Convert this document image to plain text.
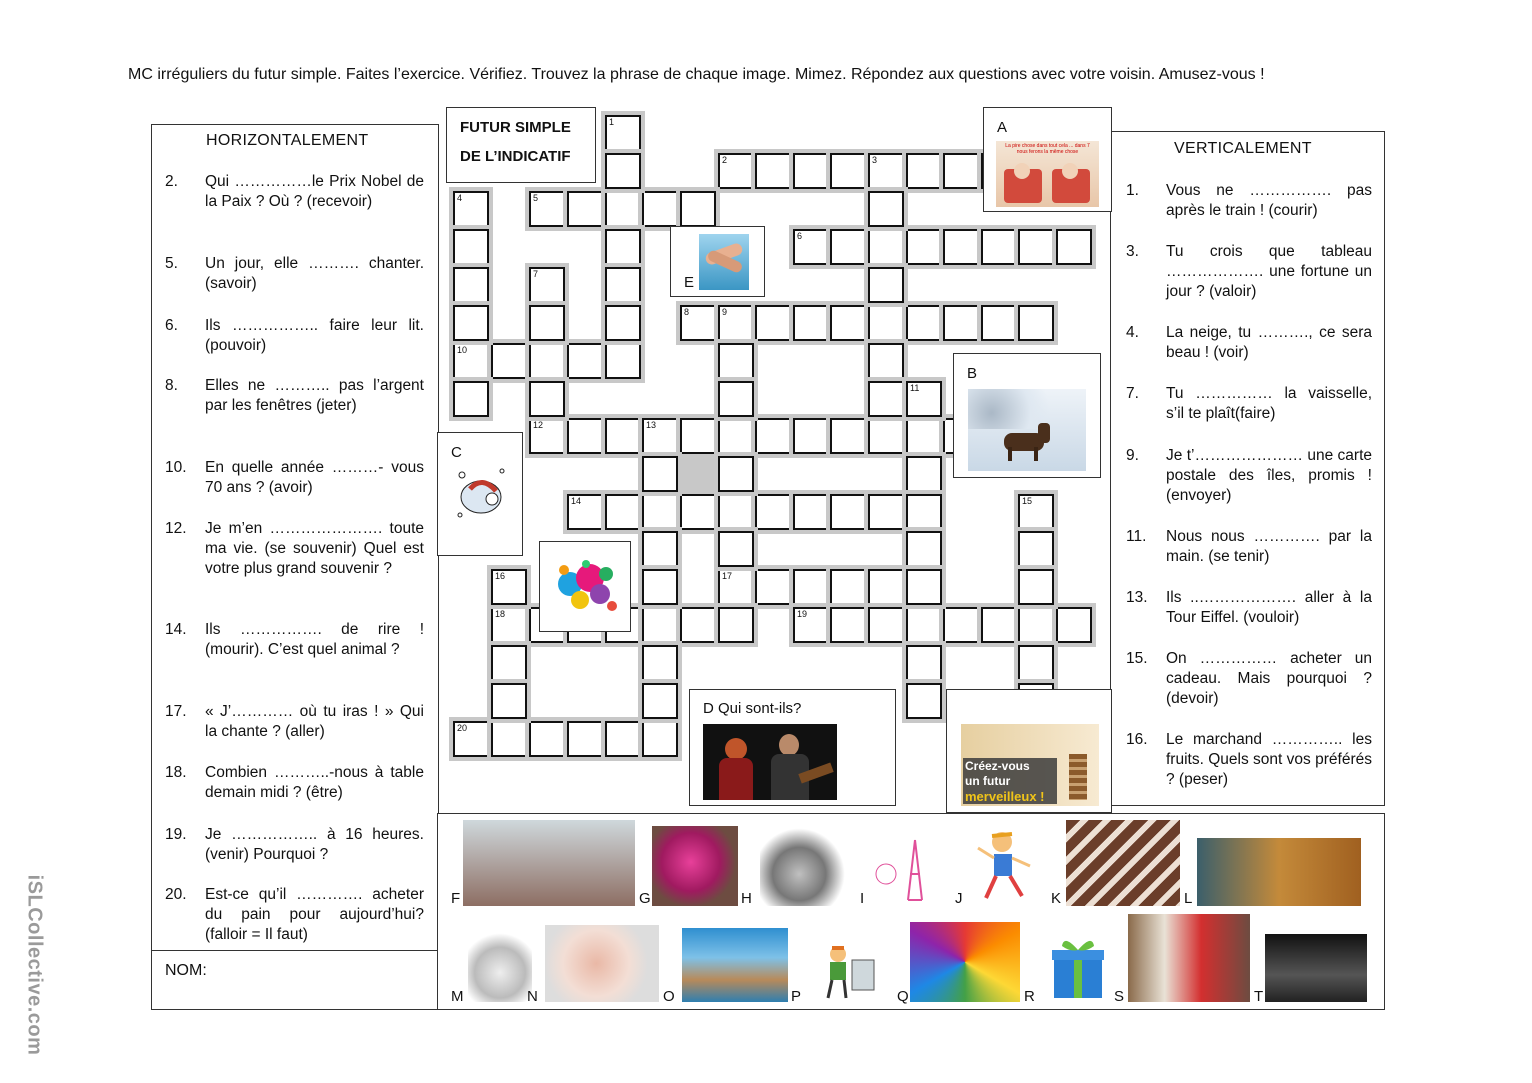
MC irréguliers du futur simple. Faites l’exercice. Vérifiez. Trouvez la phrase de chaque image. Mimez. Répondez aux questions avec votre voisin. Amusez-vous !
iSLCollective.com
HORIZONTALEMENT
2. Qui ……………le Prix Nobel de la Paix ? Où ? (recevoir)
5. Un jour, elle ………. chanter. (savoir)
6. Ils …………….. faire leur lit. (pouvoir)
8. Elles ne ……….. pas l’argent par les fenêtres (jeter)
10. En quelle année ………- vous 70 ans ? (avoir)
12. Je m’en …………………. toute ma vie. (se souvenir) Quel est votre plus grand souvenir ?
14. Ils ……………. de rire ! (mourir). C’est quel animal ?
17. « J’………… où tu iras ! » Qui la chante ? (aller)
18. Combien ………..-nous à table demain midi ? (être)
19. Je …………….. à 16 heures. (venir) Pourquoi ?
20. Est-ce qu’il …………. acheter du pain pour aujourd’hui? (falloir = Il faut)
NOM:
VERTICALEMENT
1. Vous ne ……………. pas après le train ! (courir)
3. Tu crois que tableau ………………. une fortune un jour ? (valoir)
4. La neige, tu ………., ce sera beau ! (voir)
7. Tu …………… la vaisselle, s’il te plaît(faire)
9. Je t’………………… une carte postale des îles, promis ! (envoyer)
11. Nous nous …………. par la main. (se tenir)
13. Ils ..………………. aller à la Tour Eiffel. (vouloir)
15. On …………… acheter un cadeau. Mais pourquoi ? (devoir)
16. Le marchand ………….. les fruits. Quels sont vos préférés ? (peser)
2	3
5
6
8	9
10
12	13
14
17
18	19
20
1
4
7
11
15
16
FUTUR SIMPLE
DE L’INDICATIF
A
La pire chose dans tout cela ... dans 7 nous ferons la même chose
E
B
C
D Qui sont-ils?
Créez-vous
un futur
merveilleux !
F	G	H	I	J	K	L
M	N	O	P	Q	R	S	T
